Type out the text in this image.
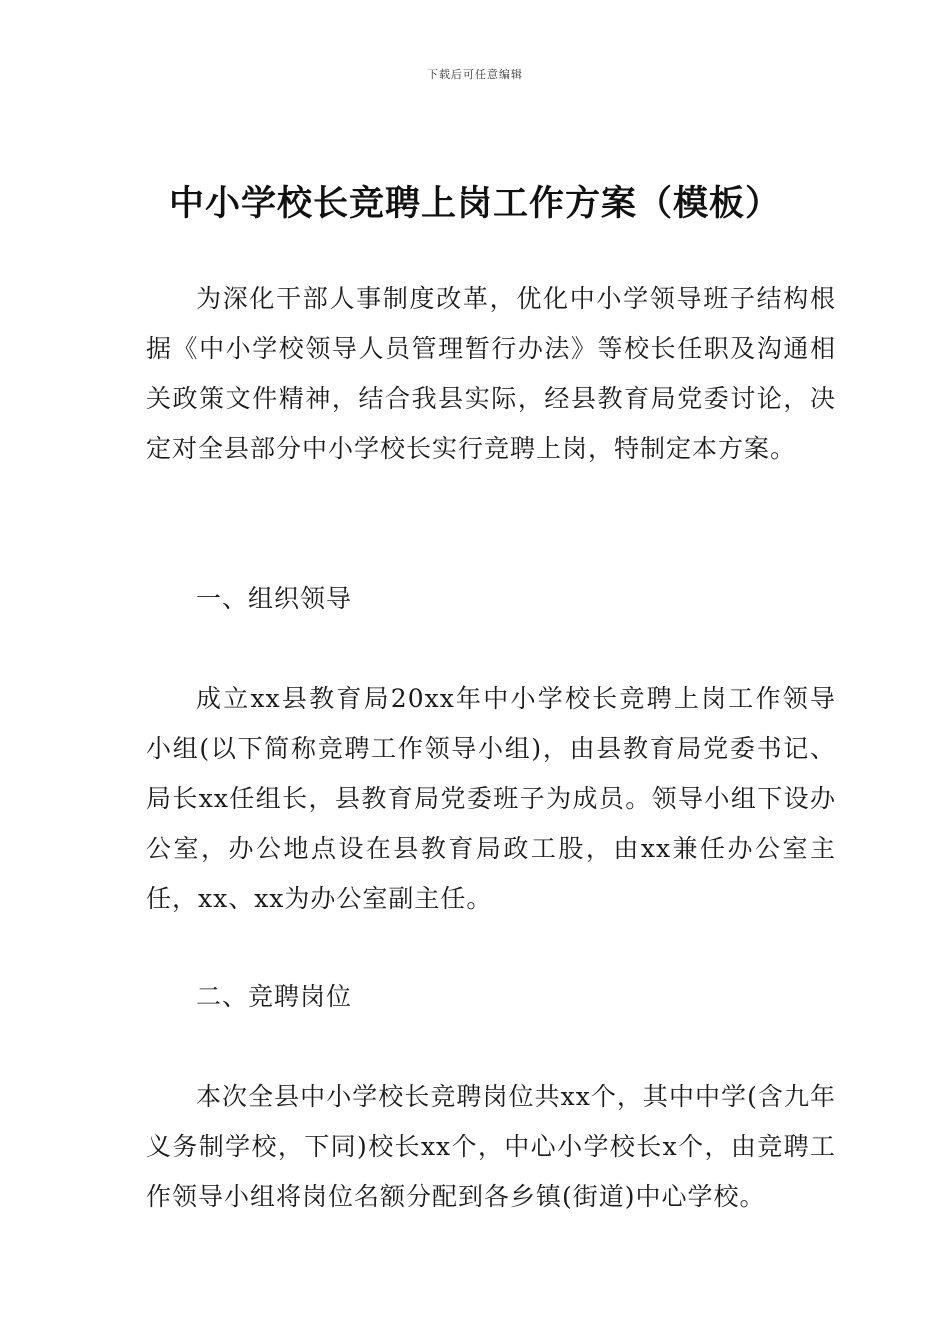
下载后可任意编辑
中小学校长竞聘上岗工作方案（模板）

为深化干部人事制度改革，优化中小学领导班子结构根据《中小学校领导人员管理暂行办法》等校长任职及沟通相关政策文件精神，结合我县实际，经县教育局党委讨论，决定对全县部分中小学校长实行竞聘上岗，特制定本方案。

一、组织领导

成立xx县教育局20xx年中小学校长竞聘上岗工作领导小组(以下简称竞聘工作领导小组)，由县教育局党委书记、局长xx任组长，县教育局党委班子为成员。领导小组下设办公室，办公地点设在县教育局政工股，由xx兼任办公室主任，xx、xx为办公室副主任。

二、竞聘岗位

本次全县中小学校长竞聘岗位共xx个，其中中学(含九年义务制学校，下同)校长xx个，中心小学校长x个，由竞聘工作领导小组将岗位名额分配到各乡镇(街道)中心学校。
